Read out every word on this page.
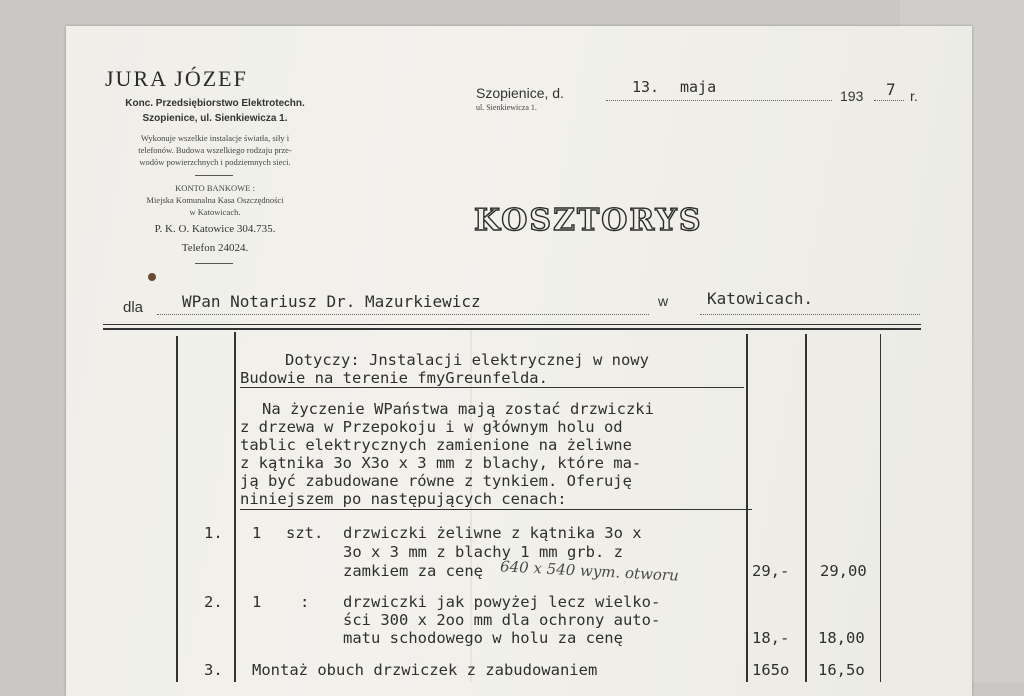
JURA JÓZEF
Konc. Przedsiębiorstwo Elektrotechn.
Szopienice, ul. Sienkiewicza 1.
Wykonuje wszelkie instalacje światła, siły i
telefonów. Budowa wszelkiego rodzaju prze-
wodów powierzchnych i podziemnych sieci.
KONTO BANKOWE :
Miejska Komunalna Kasa Oszczędności
w Katowicach.
P. K. O. Katowice 304.735.
Telefon 24024.
Szopienice, d.	13. maja	193 7 r.
ul. Sienkiewicza 1.
KOSZTORYS
dla WPan Notariusz Dr. Mazurkiewicz	w Katowicach.
Dotyczy: Jnstalacji elektrycznej w nowy
Budowie na terenie fmyGreunfelda.
Na życzenie WPaństwa mają zostać drzwiczki
z drzewa w Przepokoju i w głównym holu od
tablic elektrycznych zamienione na żeliwne
z kątnika 3o X3o x 3 mm z blachy, które ma-
ją być zabudowane równe z tynkiem. Oferuję
niniejszem po następujących cenach:
1. 1 szt. drzwiczki żeliwne z kątnika 3o x
3o x 3 mm z blachy 1 mm grb. z
zamkiem za cenę 640 x 540 wym. otworu	29,- 29,00
2. 1 : drzwiczki jak powyżej lecz wielko-
ści 300 x 2oo mm dla ochrony auto-
matu schodowego w holu za cenę	18,- 18,00
3. Montaż obuch drzwiczek z zabudowaniem	165o 16,5o
